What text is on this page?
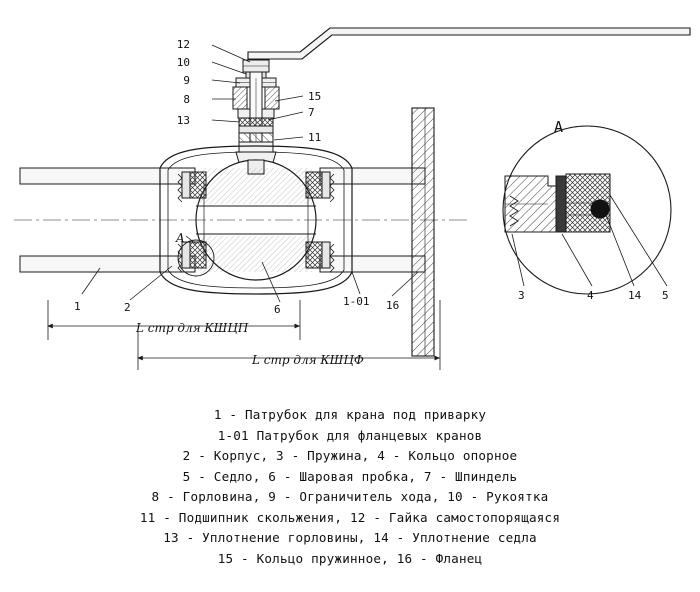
12
10
9
8
13
15
7
11
1	2	6
1-01 16
A
A
3	4	14 5
L стр для КШЦП
L стр для КШЦФ
1 - Патрубок для крана под приварку
1-01 Патрубок для фланцевых кранов
2 - Корпус, 3 - Пружина, 4 - Кольцо опорное
5 - Седло, 6 - Шаровая пробка, 7 - Шпиндель
8 - Горловина, 9 - Ограничитель хода, 10 - Рукоятка
11 - Подшипник скольжения, 12 - Гайка самостопорящаяся
13 - Уплотнение горловины, 14 - Уплотнение седла
15 - Кольцо пружинное, 16 - Фланец
